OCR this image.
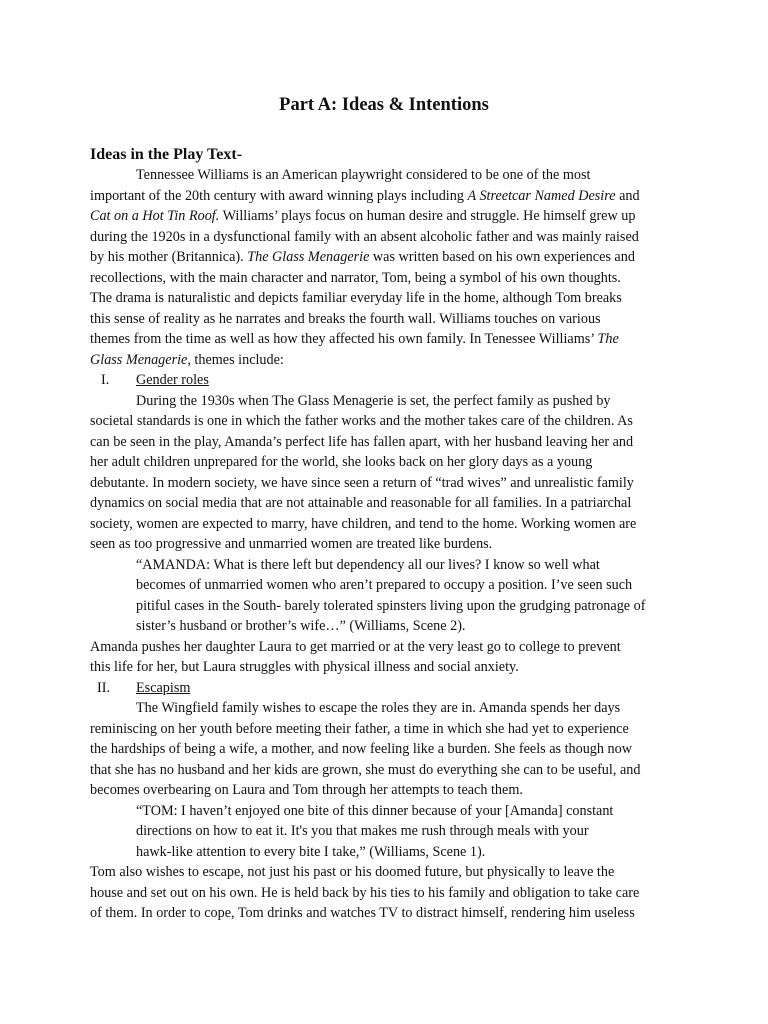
Part A: Ideas & Intentions
Ideas in the Play Text-

Tennessee Williams is an American playwright considered to be one of the most

important of the 20th century with award winning plays including A Streetcar Named Desire and

Cat on a Hot Tin Roof. Williams’ plays focus on human desire and struggle. He himself grew up

during the 1920s in a dysfunctional family with an absent alcoholic father and was mainly raised

by his mother (Britannica). The Glass Menagerie was written based on his own experiences and

recollections, with the main character and narrator, Tom, being a symbol of his own thoughts.

The drama is naturalistic and depicts familiar everyday life in the home, although Tom breaks

this sense of reality as he narrates and breaks the fourth wall. Williams touches on various

themes from the time as well as how they affected his own family. In Tenessee Williams’ The

Glass Menagerie, themes include:

I. Gender roles

During the 1930s when The Glass Menagerie is set, the perfect family as pushed by

societal standards is one in which the father works and the mother takes care of the children. As

can be seen in the play, Amanda’s perfect life has fallen apart, with her husband leaving her and

her adult children unprepared for the world, she looks back on her glory days as a young

debutante. In modern society, we have since seen a return of “trad wives” and unrealistic family

dynamics on social media that are not attainable and reasonable for all families. In a patriarchal

society, women are expected to marry, have children, and tend to the home. Working women are

seen as too progressive and unmarried women are treated like burdens.

“AMANDA: What is there left but dependency all our lives? I know so well what

becomes of unmarried women who aren’t prepared to occupy a position. I’ve seen such

pitiful cases in the South- barely tolerated spinsters living upon the grudging patronage of

sister’s husband or brother’s wife…” (Williams, Scene 2).

Amanda pushes her daughter Laura to get married or at the very least go to college to prevent

this life for her, but Laura struggles with physical illness and social anxiety.

II. Escapism

The Wingfield family wishes to escape the roles they are in. Amanda spends her days

reminiscing on her youth before meeting their father, a time in which she had yet to experience

the hardships of being a wife, a mother, and now feeling like a burden. She feels as though now

that she has no husband and her kids are grown, she must do everything she can to be useful, and

becomes overbearing on Laura and Tom through her attempts to teach them.

“TOM: I haven’t enjoyed one bite of this dinner because of your [Amanda] constant

directions on how to eat it. It's you that makes me rush through meals with your

hawk-like attention to every bite I take,” (Williams, Scene 1).

Tom also wishes to escape, not just his past or his doomed future, but physically to leave the

house and set out on his own. He is held back by his ties to his family and obligation to take care

of them. In order to cope, Tom drinks and watches TV to distract himself, rendering him useless
